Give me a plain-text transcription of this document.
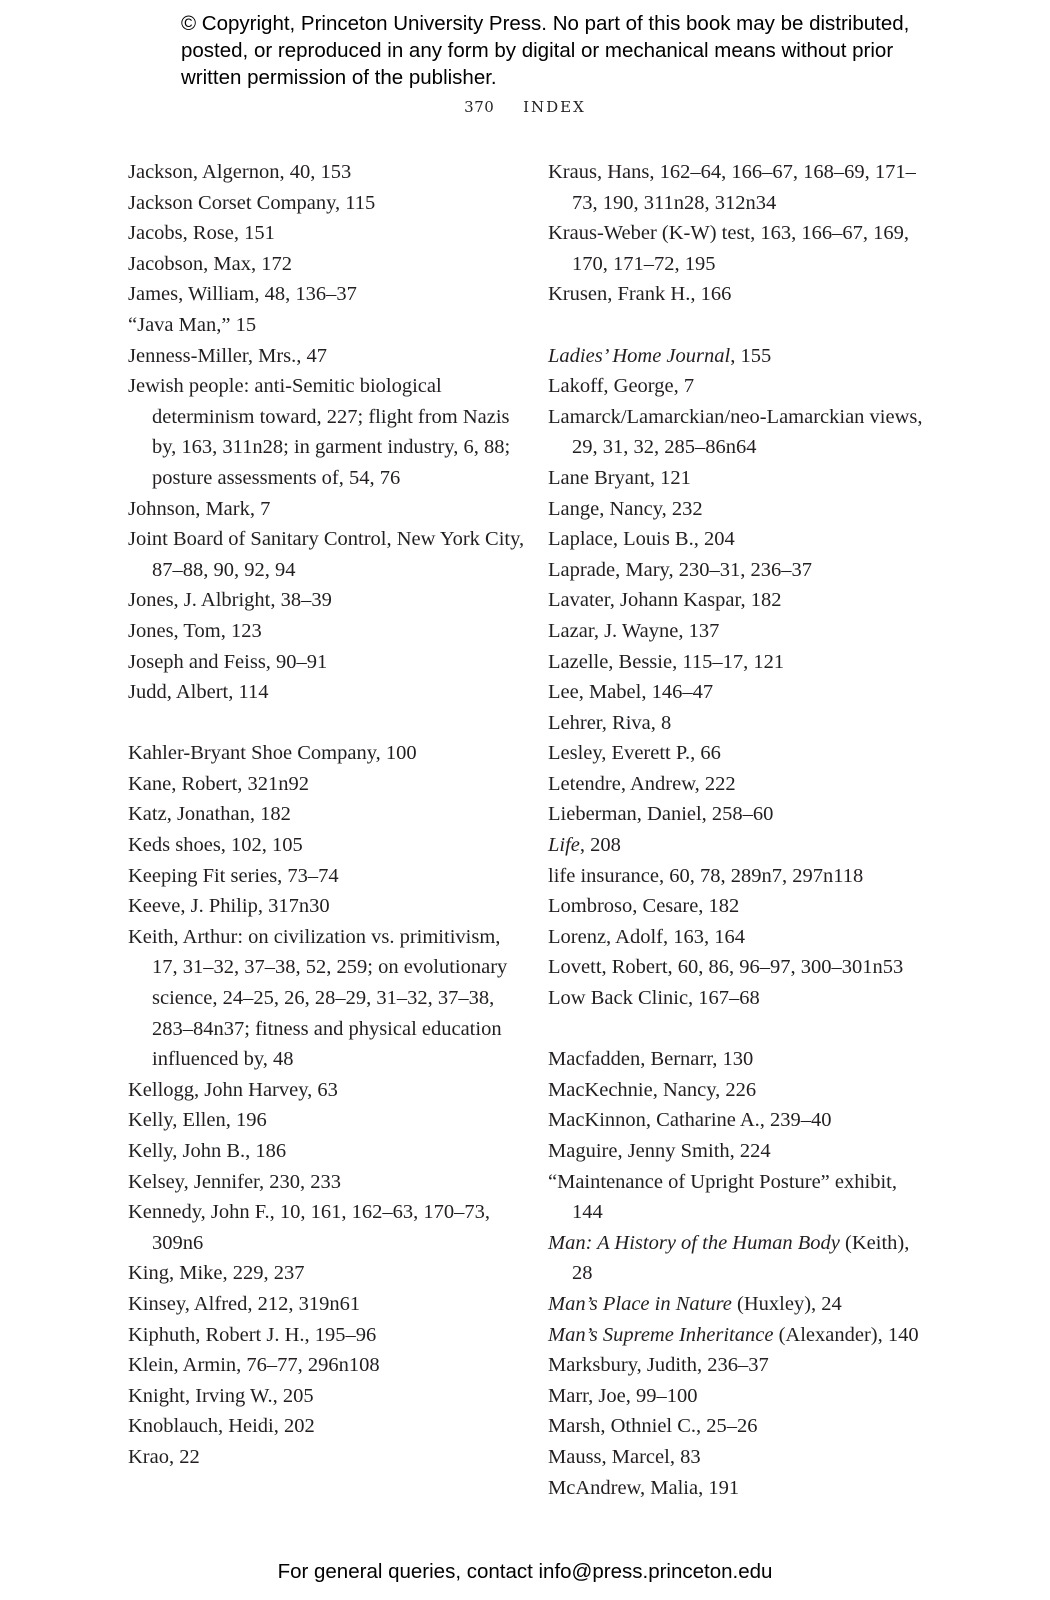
© Copyright, Princeton University Press. No part of this book may be distributed, posted, or reproduced in any form by digital or mechanical means without prior written permission of the publisher.
370 INDEX

Jackson, Algernon, 40, 153

Jackson Corset Company, 115

Jacobs, Rose, 151

Jacobson, Max, 172

James, William, 48, 136–37

“Java Man,” 15

Jenness-Miller, Mrs., 47

Jewish people: anti-Semitic biological determinism toward, 227; flight from Nazis by, 163, 311n28; in garment industry, 6, 88; posture assessments of, 54, 76

Johnson, Mark, 7

Joint Board of Sanitary Control, New York City, 87–88, 90, 92, 94

Jones, J. Albright, 38–39

Jones, Tom, 123

Joseph and Feiss, 90–91

Judd, Albert, 114

Kahler-Bryant Shoe Company, 100

Kane, Robert, 321n92

Katz, Jonathan, 182

Keds shoes, 102, 105

Keeping Fit series, 73–74

Keeve, J. Philip, 317n30

Keith, Arthur: on civilization vs. primitivism, 17, 31–32, 37–38, 52, 259; on evolutionary science, 24–25, 26, 28–29, 31–32, 37–38, 283–84n37; fitness and physical education influenced by, 48

Kellogg, John Harvey, 63

Kelly, Ellen, 196

Kelly, John B., 186

Kelsey, Jennifer, 230, 233

Kennedy, John F., 10, 161, 162–63, 170–73, 309n6

King, Mike, 229, 237

Kinsey, Alfred, 212, 319n61

Kiphuth, Robert J. H., 195–96

Klein, Armin, 76–77, 296n108

Knight, Irving W., 205

Knoblauch, Heidi, 202

Krao, 22

Kraus, Hans, 162–64, 166–67, 168–69, 171–73, 190, 311n28, 312n34

Kraus-Weber (K-W) test, 163, 166–67, 169, 170, 171–72, 195

Krusen, Frank H., 166

Ladies’ Home Journal, 155

Lakoff, George, 7

Lamarck/Lamarckian/neo-Lamarckian views, 29, 31, 32, 285–86n64

Lane Bryant, 121

Lange, Nancy, 232

Laplace, Louis B., 204

Laprade, Mary, 230–31, 236–37

Lavater, Johann Kaspar, 182

Lazar, J. Wayne, 137

Lazelle, Bessie, 115–17, 121

Lee, Mabel, 146–47

Lehrer, Riva, 8

Lesley, Everett P., 66

Letendre, Andrew, 222

Lieberman, Daniel, 258–60

Life, 208

life insurance, 60, 78, 289n7, 297n118

Lombroso, Cesare, 182

Lorenz, Adolf, 163, 164

Lovett, Robert, 60, 86, 96–97, 300–301n53

Low Back Clinic, 167–68

Macfadden, Bernarr, 130

MacKechnie, Nancy, 226

MacKinnon, Catharine A., 239–40

Maguire, Jenny Smith, 224

“Maintenance of Upright Posture” exhibit, 144

Man: A History of the Human Body (Keith), 28

Man’s Place in Nature (Huxley), 24

Man’s Supreme Inheritance (Alexander), 140

Marksbury, Judith, 236–37

Marr, Joe, 99–100

Marsh, Othniel C., 25–26

Mauss, Marcel, 83

McAndrew, Malia, 191

For general queries, contact info@press.princeton.edu
